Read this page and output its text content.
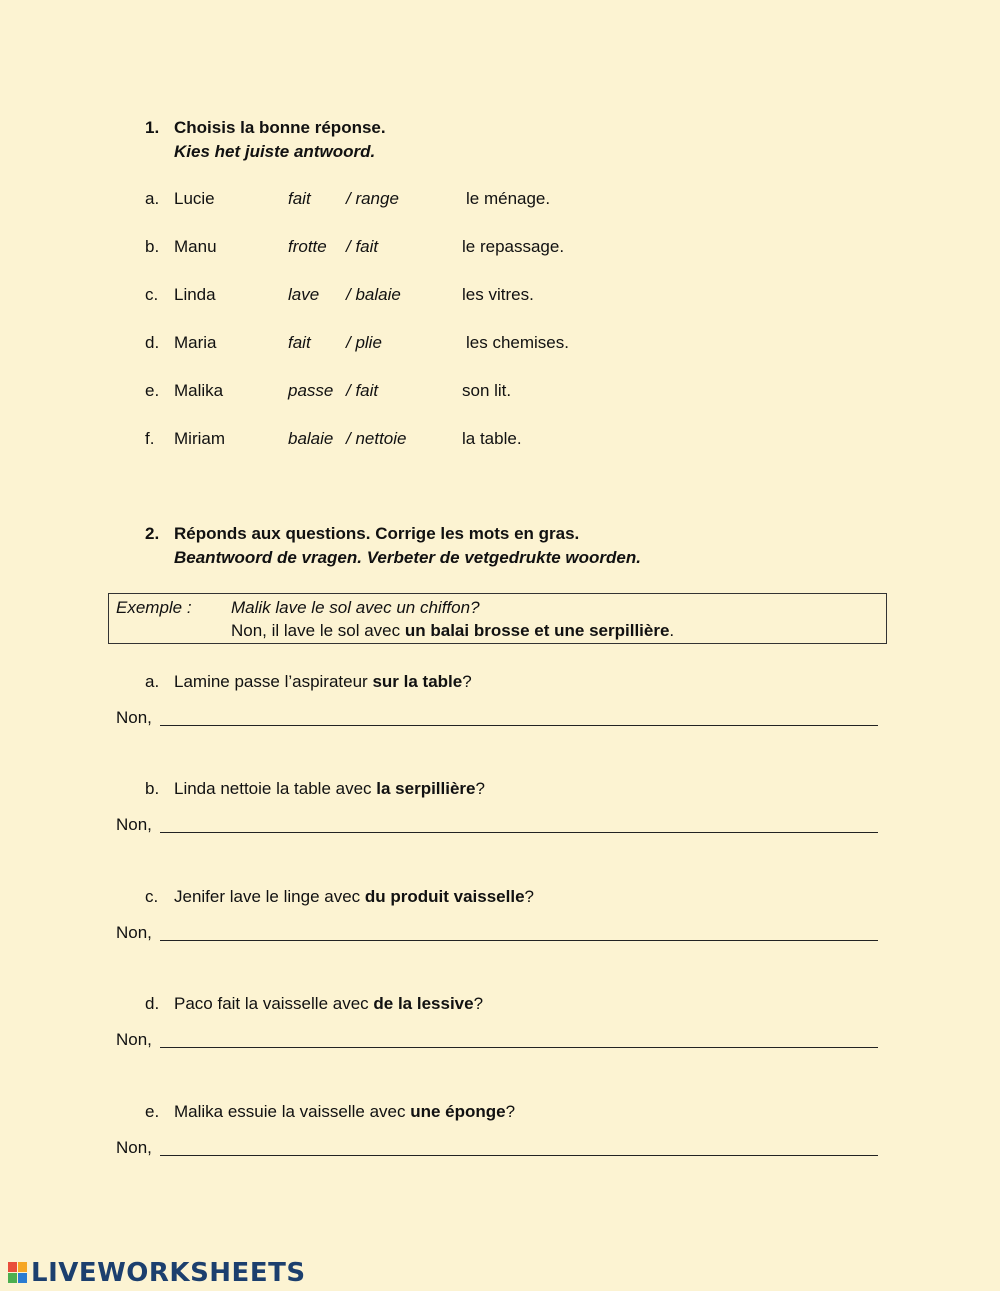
1. Choisis la bonne réponse.
Kies het juiste antwoord.
a. Lucie	fait / range	le ménage.
b. Manu	frotte / fait	le repassage.
c. Linda	lave / balaie	les vitres.
d. Maria	fait / plie	les chemises.
e. Malika	passe / fait	son lit.
f. Miriam	balaie / nettoie	la table.
2. Réponds aux questions. Corrige les mots en gras.
Beantwoord de vragen. Verbeter de vetgedrukte woorden.
Exemple : Malik lave le sol avec un chiffon?
Non, il lave le sol avec un balai brosse et une serpillière.
a. Lamine passe l’aspirateur sur la table?
Non,
b. Linda nettoie la table avec la serpillière?
Non,
c. Jenifer lave le linge avec du produit vaisselle?
Non,
d. Paco fait la vaisselle avec de la lessive?
Non,
e. Malika essuie la vaisselle avec une éponge?
Non,
LIVEWORKSHEETS
